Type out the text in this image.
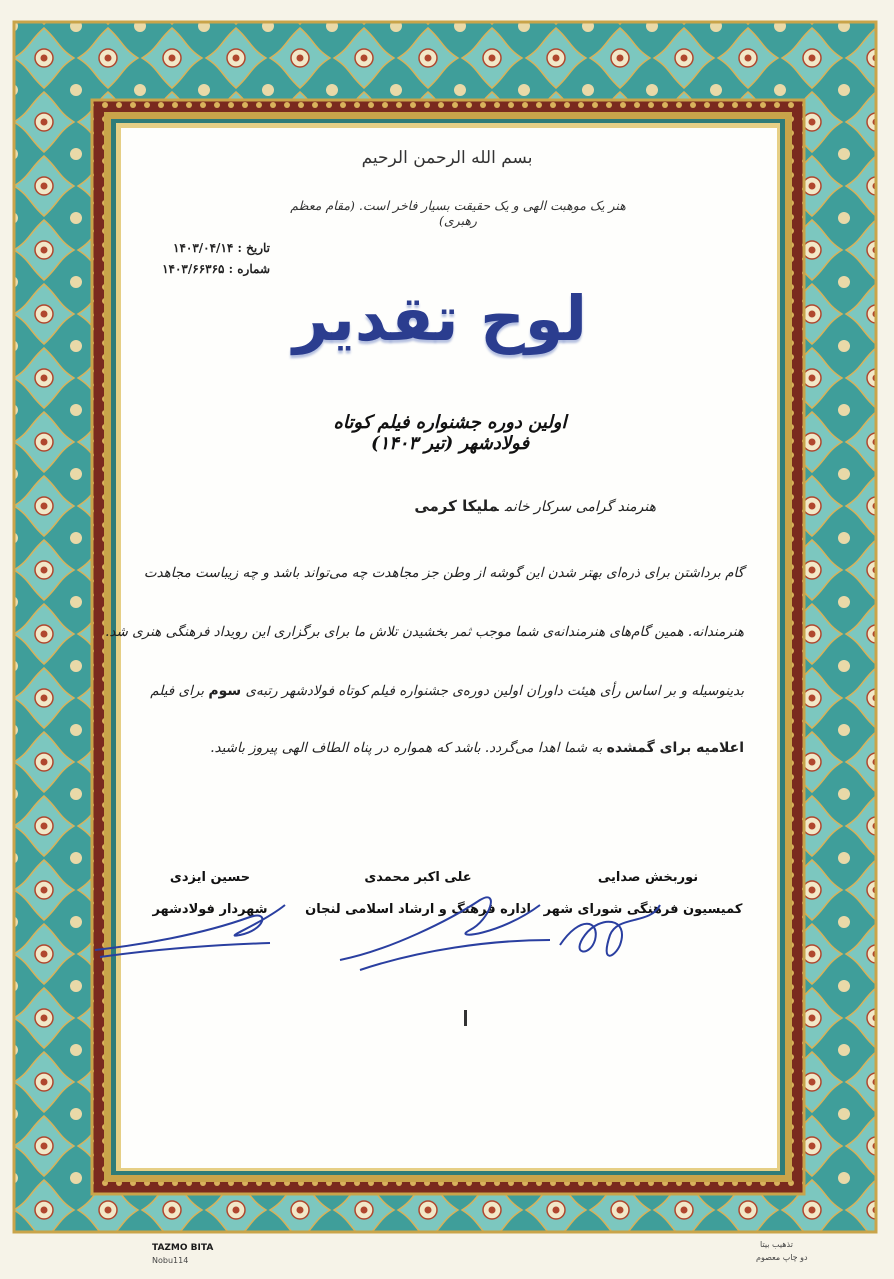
بسم الله الرحمن الرحيم
هنر یک موهبت الهی و یک حقیقت بسیار فاخر است. (مقام معظم رهبری)
تاریخ : ۱۴۰۳/۰۴/۱۴
شماره : ۱۴۰۳/۶۶۳۶۵
لوح تقدیر
اولین دوره جشنواره فیلم کوتاه فولادشهر (تیر ۱۴۰۳)
هنرمند گرامی سرکار خانمملیکا کرمی
گام برداشتن برای ذره‌ای بهتر شدن این گوشه از وطن جز مجاهدت چه می‌تواند باشد و چه زیباست مجاهدت
هنرمندانه. همین گام‌های هنرمندانه‌ی شما موجب ثمر بخشیدن تلاش ما برای برگزاری این رویداد فرهنگی هنری شد.
بدینوسیله و بر اساس رأی هیئت داوران اولین دوره‌ی جشنواره فیلم کوتاه فولادشهر رتبه‌ی سوم برای فیلم
اعلامیه برای گمشده به شما اهدا می‌گردد. باشد که همواره در پناه الطاف الهی پیروز باشید.
نوربخش صدایی
کمیسیون فرهنگی شورای شهر
علی اکبر محمدی
اداره فرهنگ و ارشاد اسلامی لنجان
حسین ایزدی
شهردار فولادشهر
TAZMO BITA
Nobu114
تذهیب بیتا
دو چاپ معصوم
